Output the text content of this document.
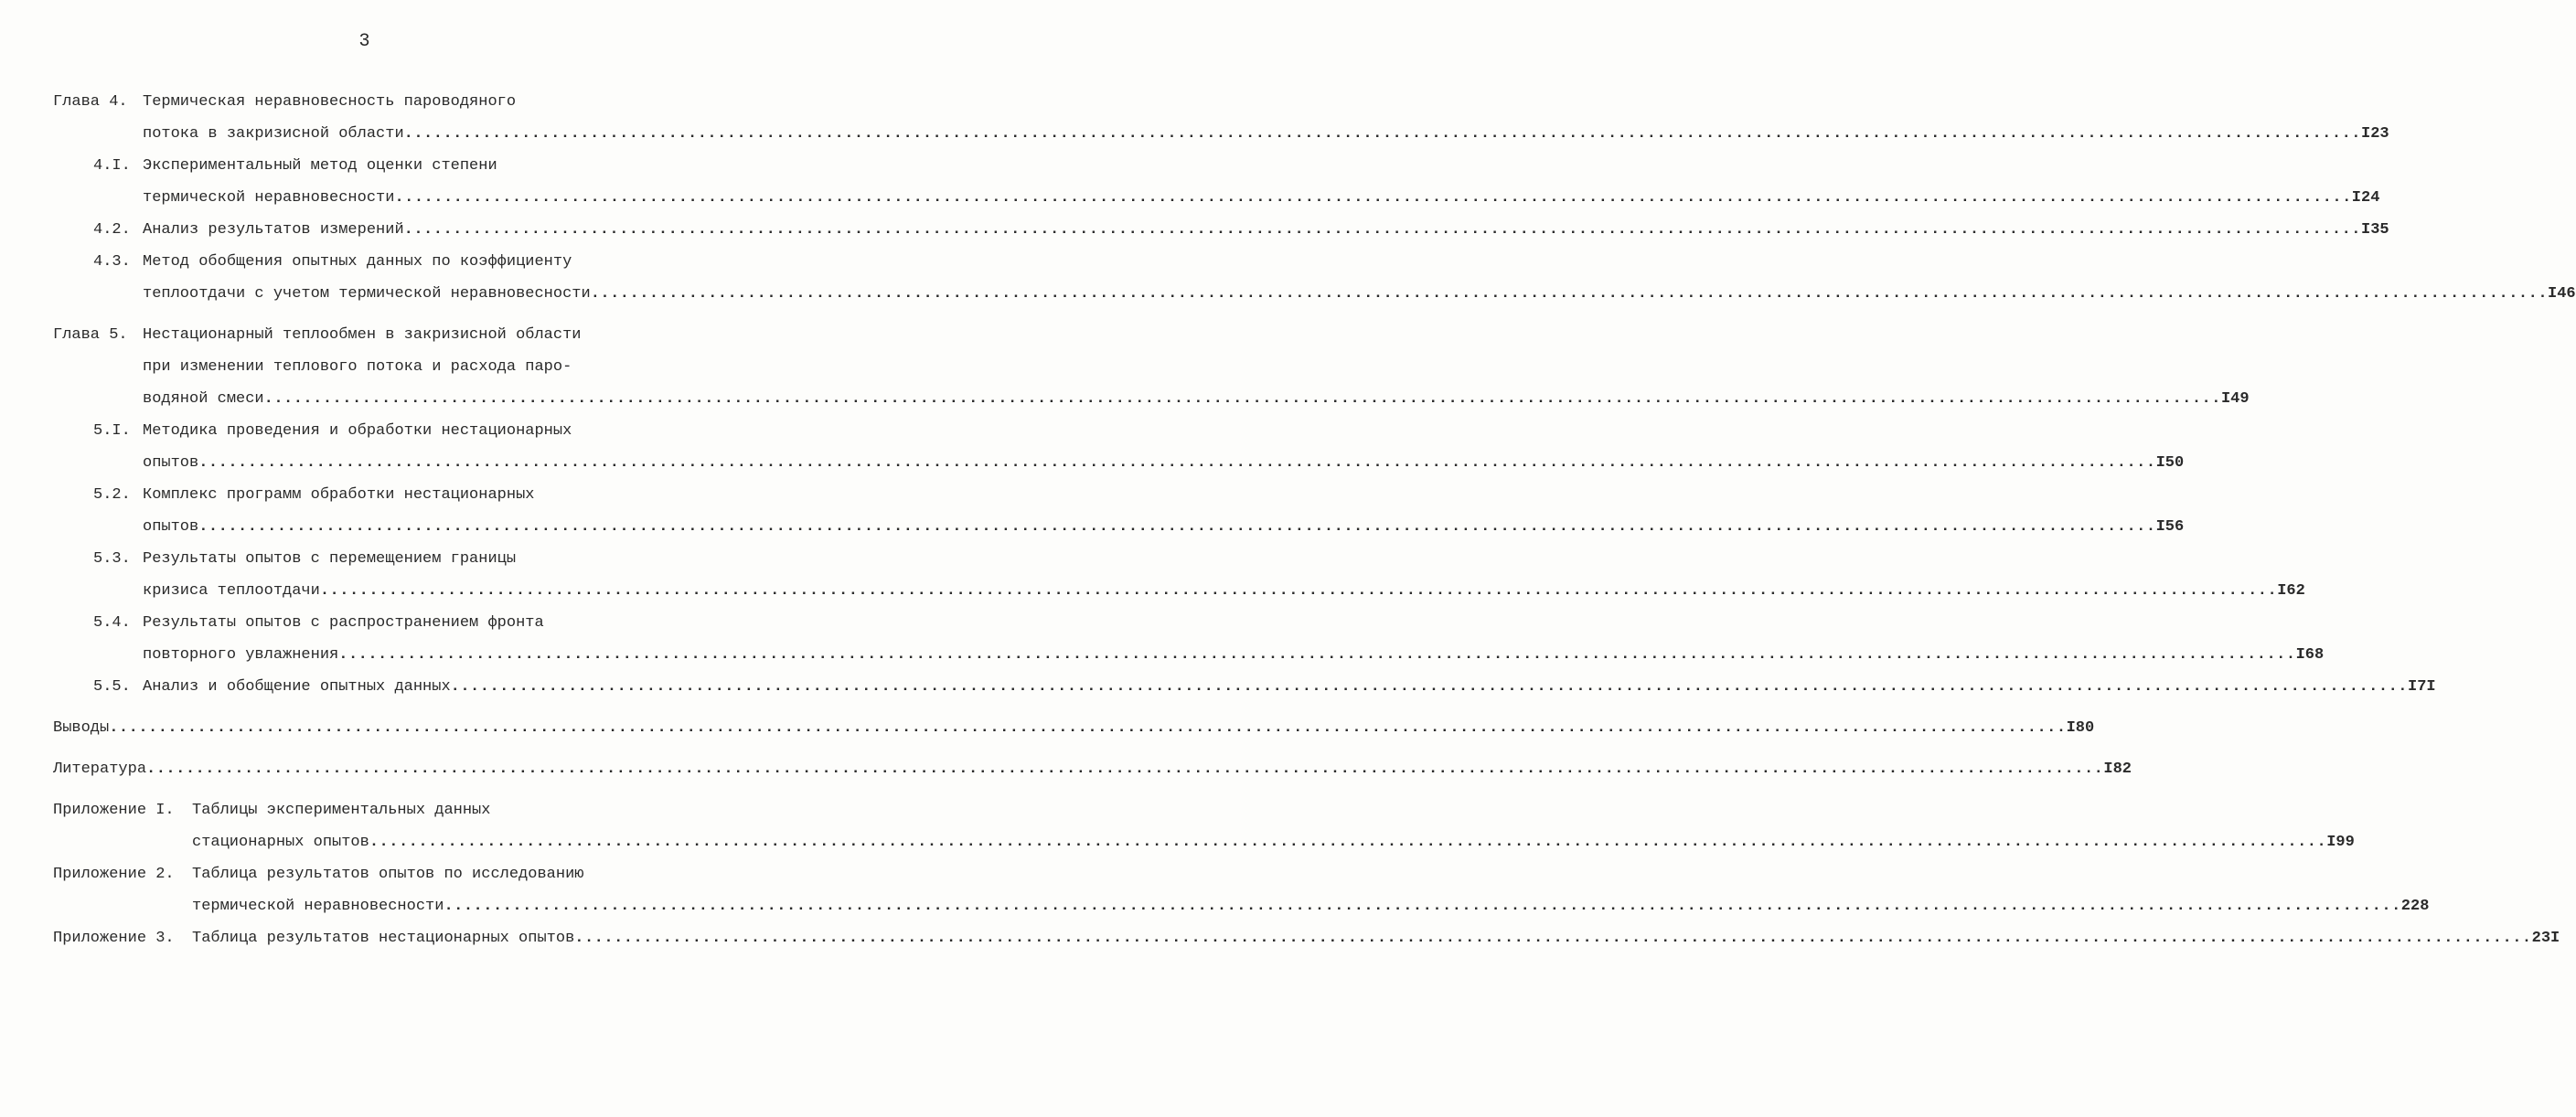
3
Глава 4. Термическая неравновесность пароводяного
потока в закризисной области ........................................................................................................................................................................................................ I23
4.I. Экспериментальный метод оценки степени
термической неравновесности ........................................................................................................................................................................................................ I24
4.2. Анализ результатов измерений ........................................................................................................................................................................................................ I35
4.3. Метод обобщения опытных данных по коэффициенту
теплоотдачи с учетом термической неравновесности ........................................................................................................................................................................................................ I46
Глава 5. Нестационарный теплообмен в закризисной области
при изменении теплового потока и расхода паро-
водяной смеси ........................................................................................................................................................................................................ I49
5.I. Методика проведения и обработки нестационарных
опытов ........................................................................................................................................................................................................ I50
5.2. Комплекс программ обработки нестационарных
опытов ........................................................................................................................................................................................................ I56
5.3. Результаты опытов с перемещением границы
кризиса теплоотдачи ........................................................................................................................................................................................................ I62
5.4. Результаты опытов с распространением фронта
повторного увлажнения ........................................................................................................................................................................................................ I68
5.5. Анализ и обобщение опытных данных ........................................................................................................................................................................................................ I7I
Выводы ........................................................................................................................................................................................................ I80
Литература ........................................................................................................................................................................................................ I82
Приложение I. Таблицы экспериментальных данных
стационарных опытов ........................................................................................................................................................................................................ I99
Приложение 2. Таблица результатов опытов по исследованию
термической неравновесности ........................................................................................................................................................................................................ 228
Приложение 3. Таблица результатов нестационарных опытов ........................................................................................................................................................................................................ 23I
